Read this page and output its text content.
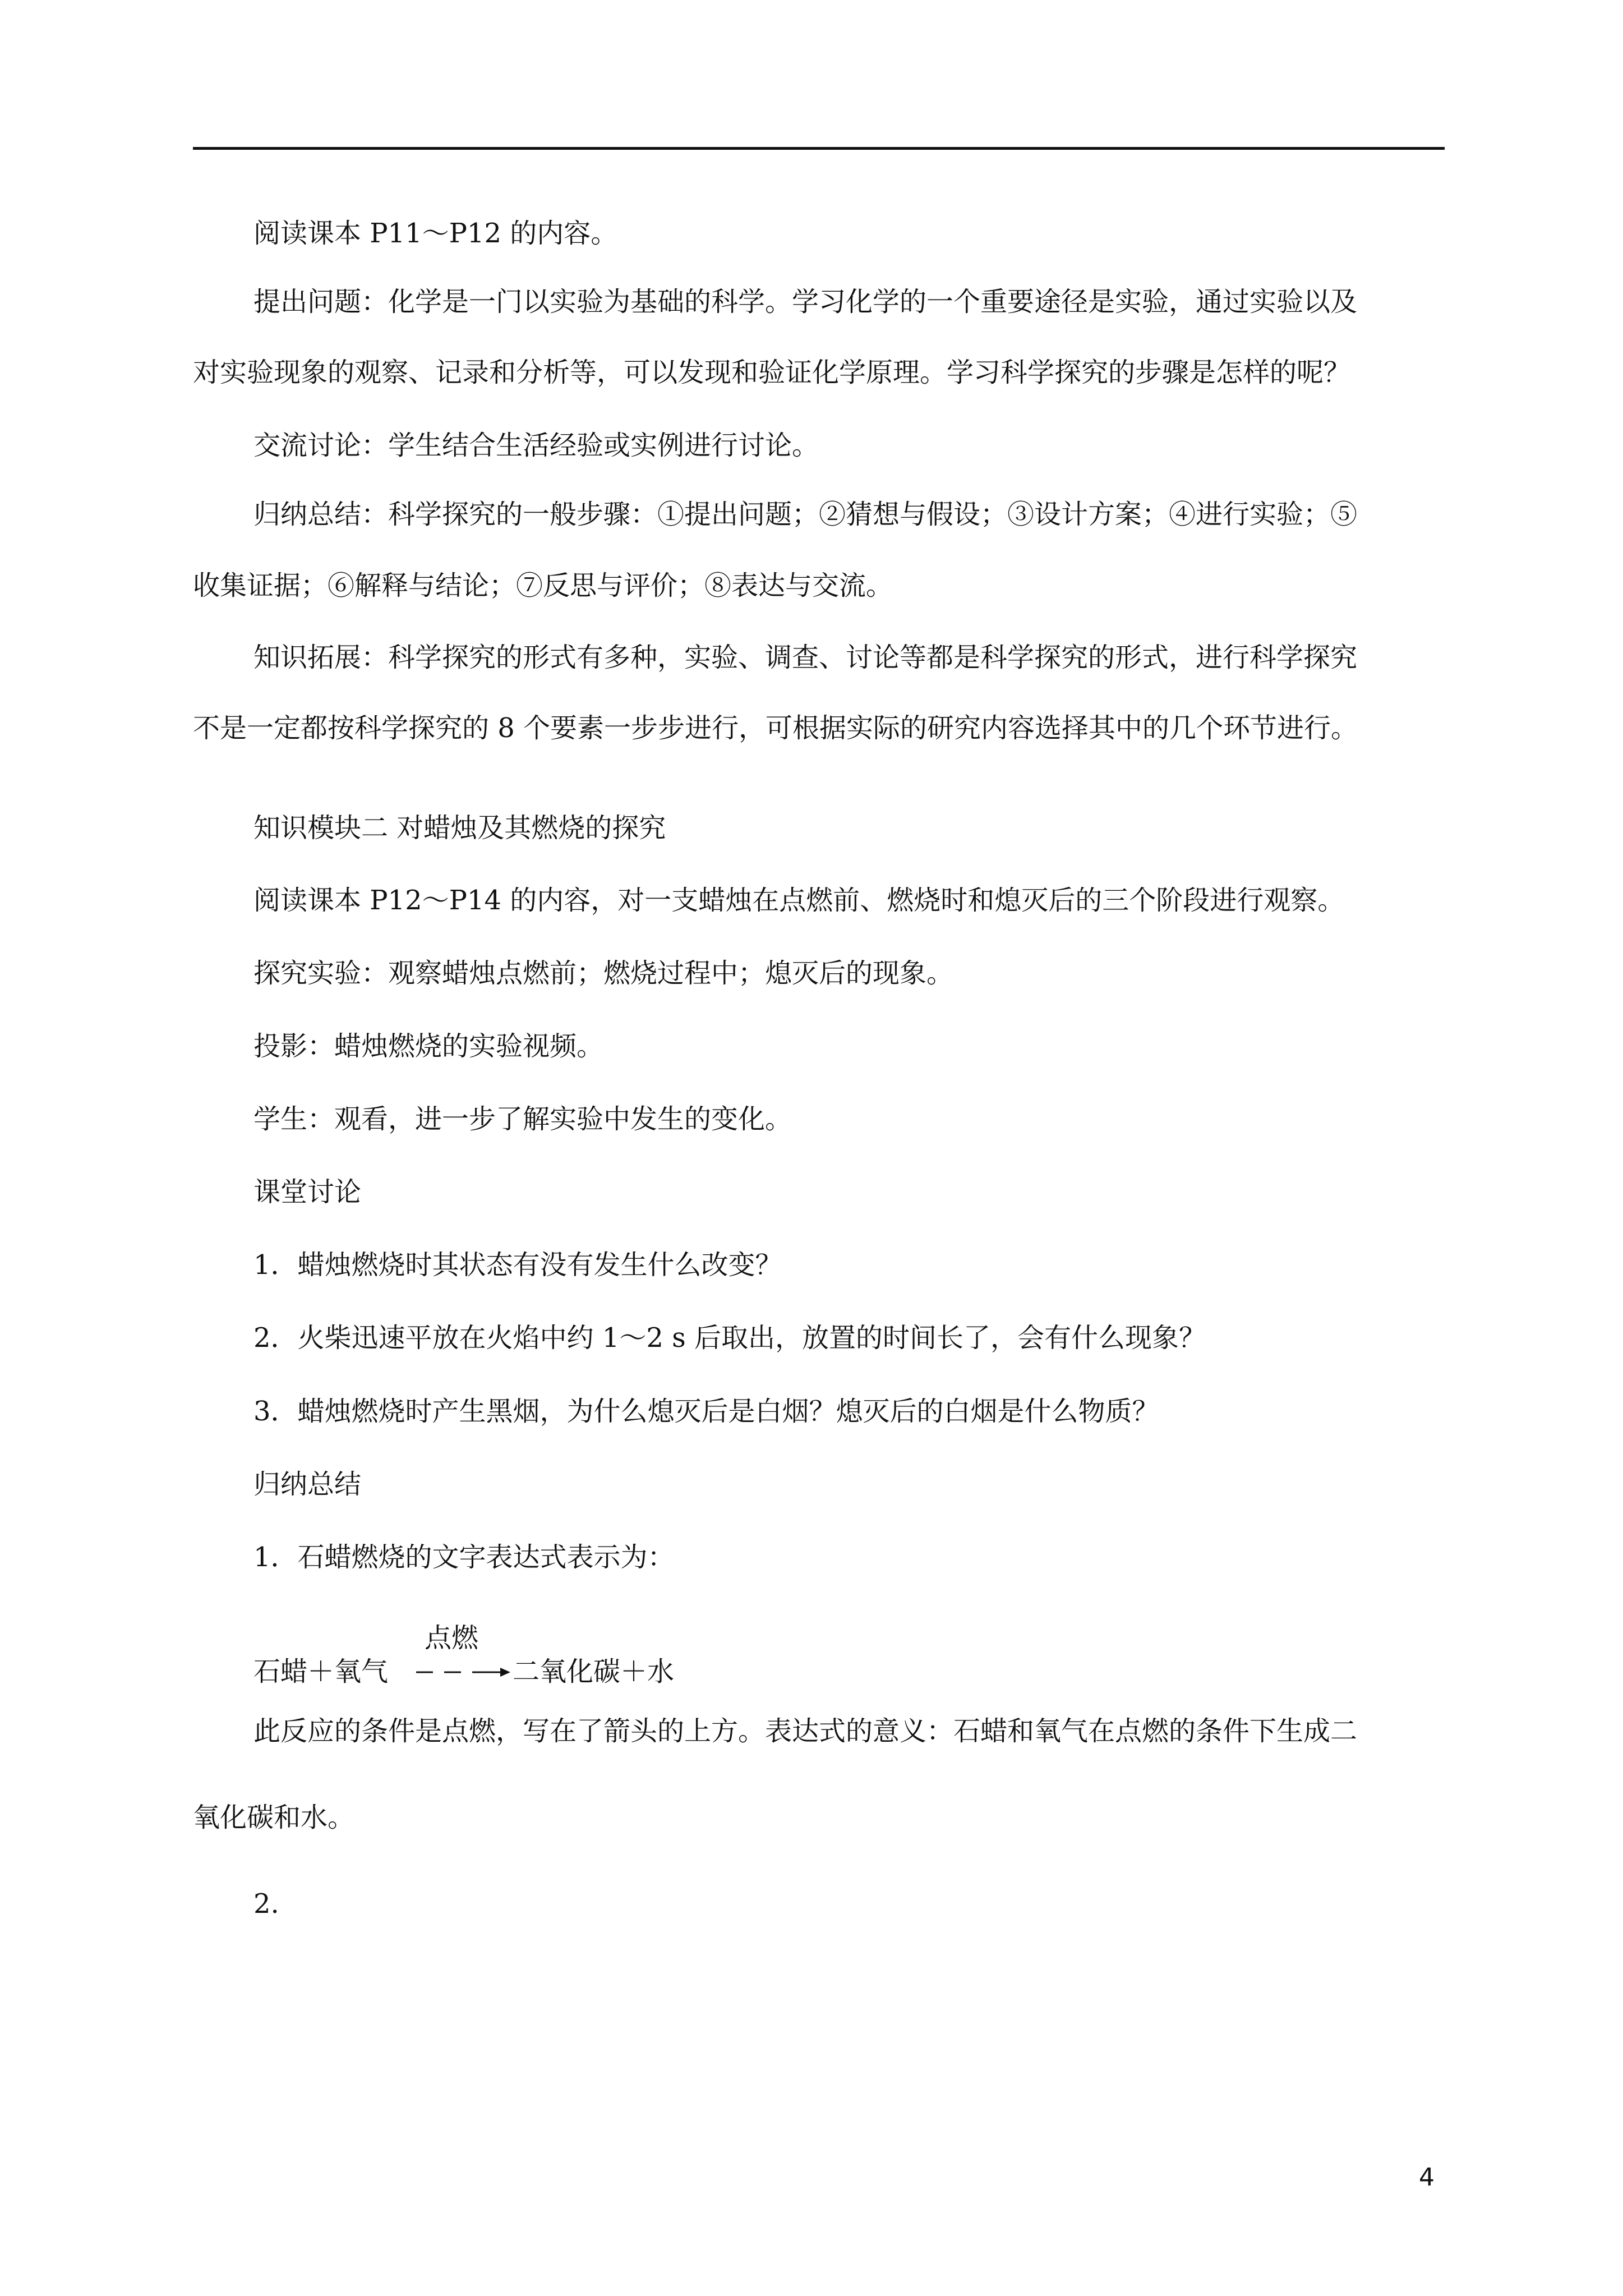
阅读课本 P11～P12 的内容。
提出问题：化学是一门以实验为基础的科学。学习化学的一个重要途径是实验，通过实验以及
对实验现象的观察、记录和分析等，可以发现和验证化学原理。学习科学探究的步骤是怎样的呢？
交流讨论：学生结合生活经验或实例进行讨论。
归纳总结：科学探究的一般步骤：①提出问题；②猜想与假设；③设计方案；④进行实验；⑤
收集证据；⑥解释与结论；⑦反思与评价；⑧表达与交流。
知识拓展：科学探究的形式有多种，实验、调查、讨论等都是科学探究的形式，进行科学探究
不是一定都按科学探究的 8 个要素一步步进行，可根据实际的研究内容选择其中的几个环节进行。
知识模块二 对蜡烛及其燃烧的探究
阅读课本 P12～P14 的内容，对一支蜡烛在点燃前、燃烧时和熄灭后的三个阶段进行观察。
探究实验：观察蜡烛点燃前；燃烧过程中；熄灭后的现象。
投影：蜡烛燃烧的实验视频。
学生：观看，进一步了解实验中发生的变化。
课堂讨论
1．蜡烛燃烧时其状态有没有发生什么改变？
2．火柴迅速平放在火焰中约 1～2 s 后取出，放置的时间长了，会有什么现象？
3．蜡烛燃烧时产生黑烟，为什么熄灭后是白烟？熄灭后的白烟是什么物质？
归纳总结
1．石蜡燃烧的文字表达式表示为：
石蜡＋氧气
点燃
二氧化碳＋水
此反应的条件是点燃，写在了箭头的上方。表达式的意义：石蜡和氧气在点燃的条件下生成二
氧化碳和水。
2.
4
